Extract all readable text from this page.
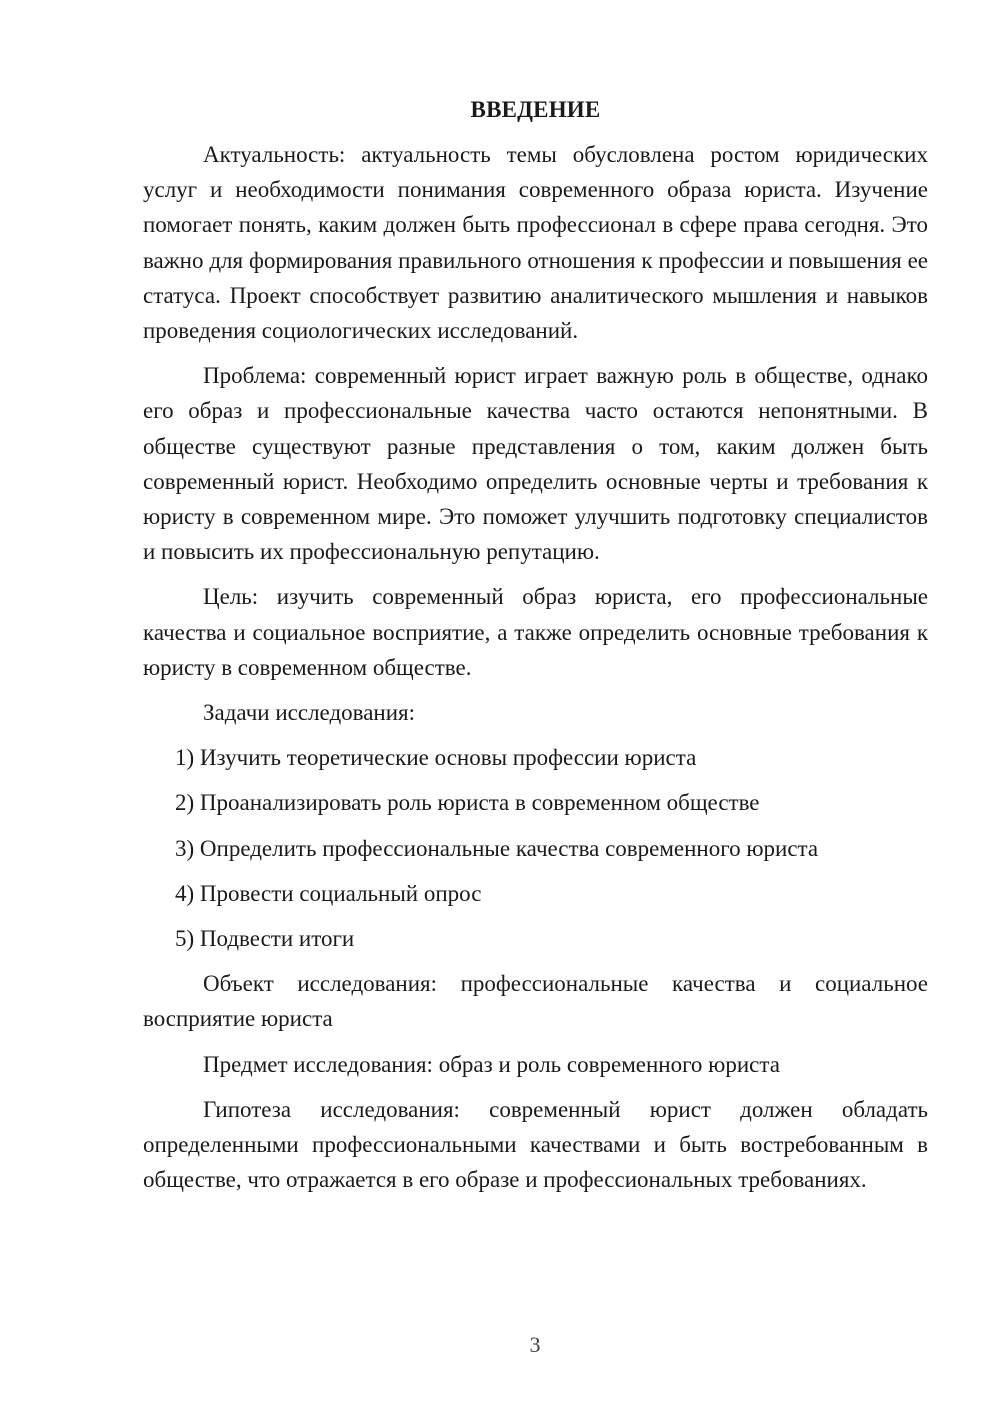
ВВЕДЕНИЕ

Актуальность: актуальность темы обусловлена ростом юридических услуг и необходимости понимания современного образа юриста. Изучение помогает понять, каким должен быть профессионал в сфере права сегодня. Это важно для формирования правильного отношения к профессии и повышения ее статуса. Проект способствует развитию аналитического мышления и навыков проведения социологических исследований.

Проблема: современный юрист играет важную роль в обществе, однако его образ и профессиональные качества часто остаются непонятными. В обществе существуют разные представления о том, каким должен быть современный юрист. Необходимо определить основные черты и требования к юристу в современном мире. Это поможет улучшить подготовку специалистов и повысить их профессиональную репутацию.

Цель: изучить современный образ юриста, его профессиональные качества и социальное восприятие, а также определить основные требования к юристу в современном обществе.

Задачи исследования:

1) Изучить теоретические основы профессии юриста
2) Проанализировать роль юриста в современном обществе
3) Определить профессиональные качества современного юриста
4) Провести социальный опрос
5) Подвести итоги

Объект исследования: профессиональные качества и социальное восприятие юриста

Предмет исследования: образ и роль современного юриста

Гипотеза исследования: современный юрист должен обладать определенными профессиональными качествами и быть востребованным в обществе, что отражается в его образе и профессиональных требованиях.

3
